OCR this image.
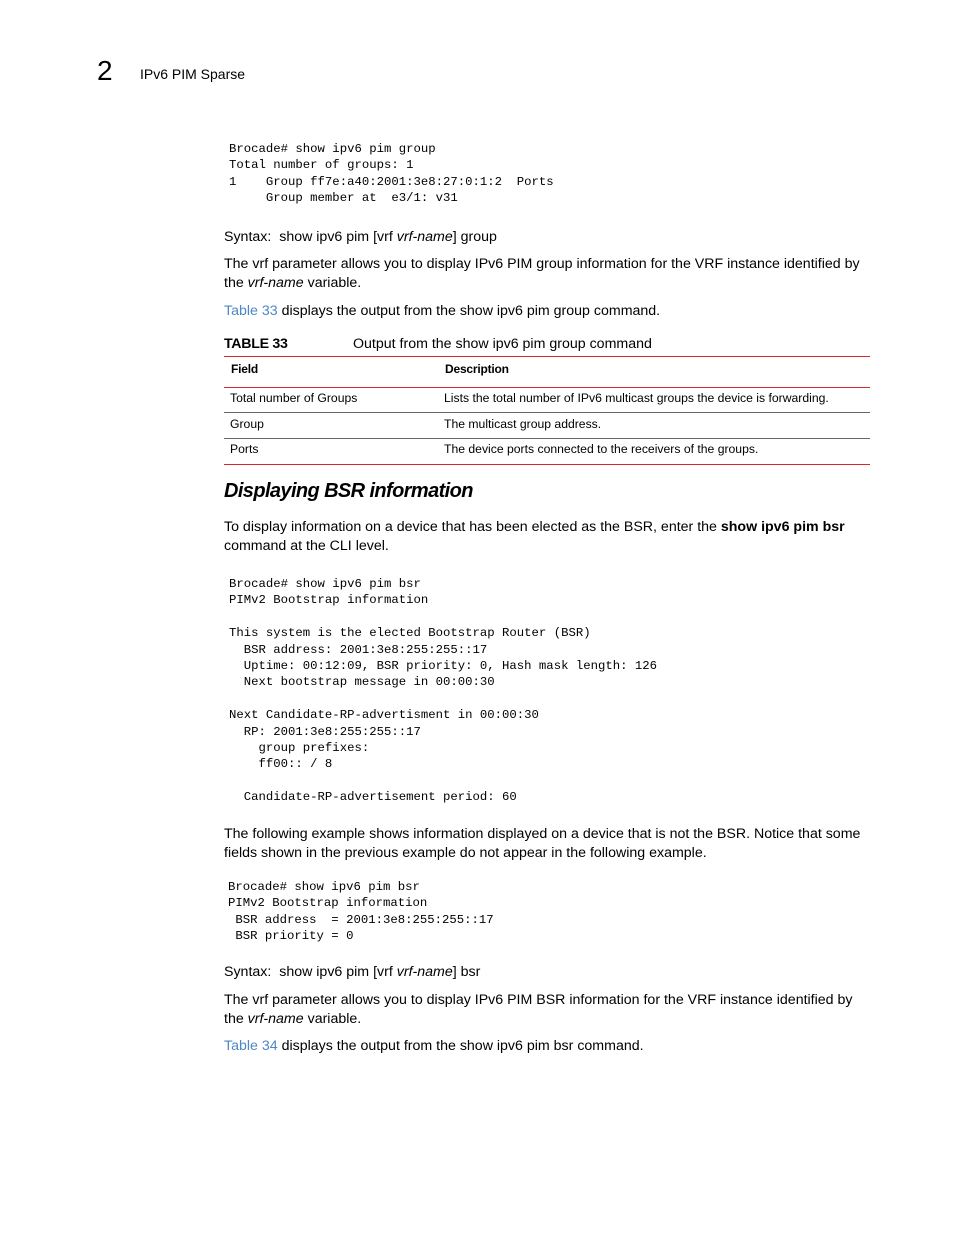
2 IPv6 PIM Sparse
Brocade# show ipv6 pim group
Total number of groups: 1
1    Group ff7e:a40:2001:3e8:27:0:1:2  Ports
Group member at  e3/1: v31
Syntax: show ipv6 pim [vrf vrf-name] group
The vrf parameter allows you to display IPv6 PIM group information for the VRF instance identified by the vrf-name variable.
Table 33 displays the output from the show ipv6 pim group command.
TABLE 33	Output from the show ipv6 pim group command
Field	Description
Total number of Groups	Lists the total number of IPv6 multicast groups the device is forwarding.
Group	The multicast group address.
Ports	The device ports connected to the receivers of the groups.
Displaying BSR information
To display information on a device that has been elected as the BSR, enter the show ipv6 pim bsr command at the CLI level.
Brocade# show ipv6 pim bsr
PIMv2 Bootstrap information

This system is the elected Bootstrap Router (BSR)
BSR address: 2001:3e8:255:255::17
Uptime: 00:12:09, BSR priority: 0, Hash mask length: 126
Next bootstrap message in 00:00:30

Next Candidate-RP-advertisment in 00:00:30
RP: 2001:3e8:255:255::17
group prefixes:
ff00:: / 8

Candidate-RP-advertisement period: 60
The following example shows information displayed on a device that is not the BSR. Notice that some fields shown in the previous example do not appear in the following example.
Brocade# show ipv6 pim bsr
PIMv2 Bootstrap information
BSR address  = 2001:3e8:255:255::17
BSR priority = 0
Syntax: show ipv6 pim [vrf vrf-name] bsr
The vrf parameter allows you to display IPv6 PIM BSR information for the VRF instance identified by the vrf-name variable.
Table 34 displays the output from the show ipv6 pim bsr command.
